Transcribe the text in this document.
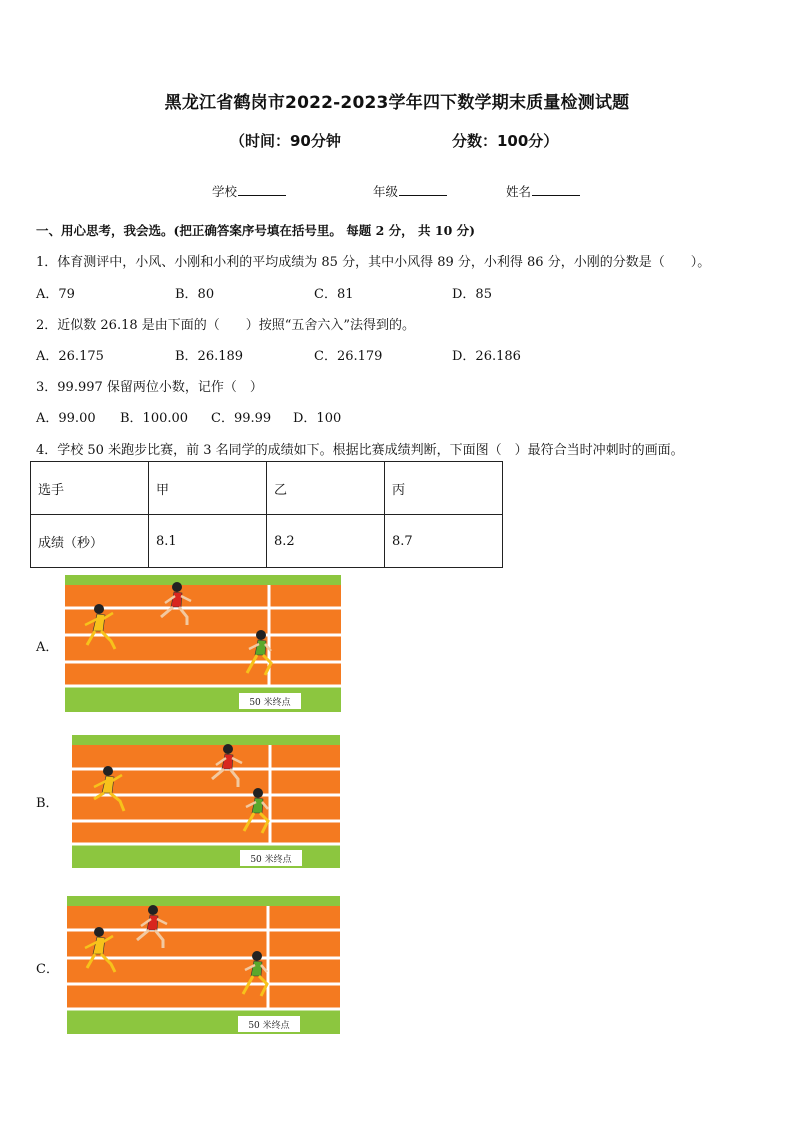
黑龙江省鹤岗市2022-2023学年四下数学期末质量检测试题
（时间：90分钟	分数：100分）
学校	年级	姓名
一、用心思考，我会选。(把正确答案序号填在括号里。 每题 2 分， 共 10 分)
1．体育测评中，小风、小刚和小利的平均成绩为 85 分，其中小风得 89 分，小利得 86 分，小刚的分数是（　　）。
A．79	B．80	C．81	D．85
2．近似数 26.18 是由下面的（　　）按照“五舍六入”法得到的。
A．26.175	B．26.189	C．26.179	D．26.186
3．99.997 保留两位小数，记作（　）
A．99.00 B．100.00 C．99.99 D．100
4．学校 50 米跑步比赛，前 3 名同学的成绩如下。根据比赛成绩判断，下面图（　）最符合当时冲刺时的画面。
选手	甲	乙	丙
成绩（秒）	8.1	8.2	8.7
A．
B．
C．
50 米终点
50 米终点
50 米终点
